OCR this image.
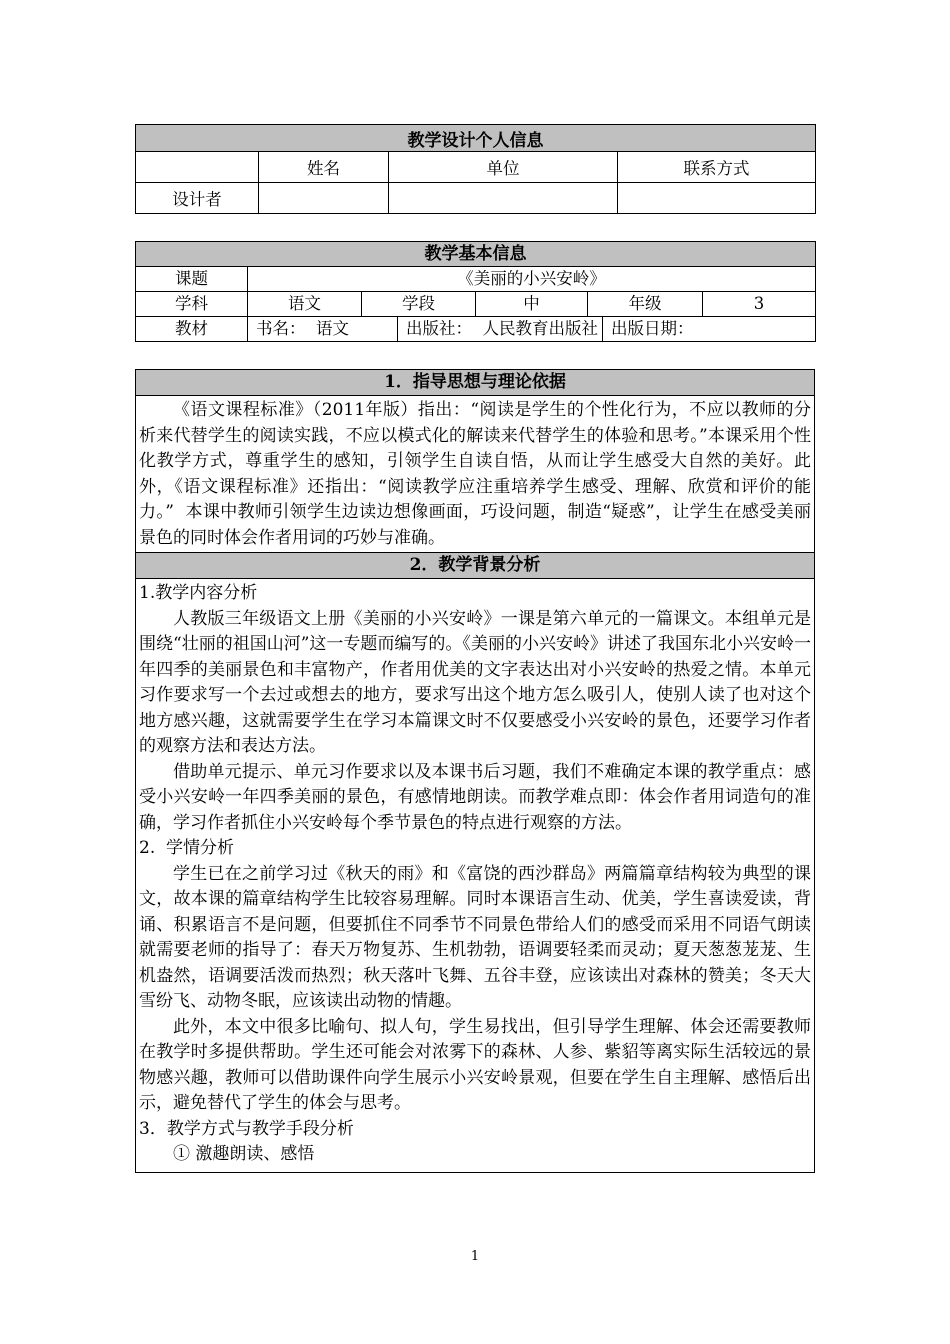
教学设计个人信息			
	姓名	单位	联系方式
设计者			
教学基本信息							
课题	《美丽的小兴安岭》						
学科	语文	学段		中	年级		3
教材	书名：  语文		出版社：  人民教育出版社			出版日期：	
1．指导思想与理论依据

《语文课程标准》（2011年版）指出：“阅读是学生的个性化行为，不应以教师的分析来代替学生的阅读实践，不应以模式化的解读来代替学生的体验和思考。”本课采用个性化教学方式，尊重学生的感知，引领学生自读自悟，从而让学生感受大自然的美好。此外，《语文课程标准》还指出：“阅读教学应注重培养学生感受、理解、欣赏和评价的能力。”  本课中教师引领学生边读边想像画面，巧设问题，制造“疑惑”，让学生在感受美丽景色的同时体会作者用词的巧妙与准确。

2．教学背景分析

1.教学内容分析

人教版三年级语文上册《美丽的小兴安岭》一课是第六单元的一篇课文。本组单元是围绕“壮丽的祖国山河”这一专题而编写的。《美丽的小兴安岭》讲述了我国东北小兴安岭一年四季的美丽景色和丰富物产，作者用优美的文字表达出对小兴安岭的热爱之情。本单元习作要求写一个去过或想去的地方，要求写出这个地方怎么吸引人，使别人读了也对这个地方感兴趣，这就需要学生在学习本篇课文时不仅要感受小兴安岭的景色，还要学习作者的观察方法和表达方法。

借助单元提示、单元习作要求以及本课书后习题，我们不难确定本课的教学重点：感受小兴安岭一年四季美丽的景色，有感情地朗读。而教学难点即：体会作者用词造句的准确，学习作者抓住小兴安岭每个季节景色的特点进行观察的方法。

2.  学情分析

学生已在之前学习过《秋天的雨》和《富饶的西沙群岛》两篇篇章结构较为典型的课文，故本课的篇章结构学生比较容易理解。同时本课语言生动、优美，学生喜读爱读，背诵、积累语言不是问题，但要抓住不同季节不同景色带给人们的感受而采用不同语气朗读就需要老师的指导了：春天万物复苏、生机勃勃，语调要轻柔而灵动；夏天葱葱茏茏、生机盎然，语调要活泼而热烈；秋天落叶飞舞、五谷丰登，应该读出对森林的赞美；冬天大雪纷飞、动物冬眠，应该读出动物的情趣。

此外，本文中很多比喻句、拟人句，学生易找出，但引导学生理解、体会还需要教师在教学时多提供帮助。学生还可能会对浓雾下的森林、人参、紫貂等离实际生活较远的景物感兴趣，教师可以借助课件向学生展示小兴安岭景观，但要在学生自主理解、感悟后出示，避免替代了学生的体会与思考。

3．教学方式与教学手段分析

① 激趣朗读、感悟

1
